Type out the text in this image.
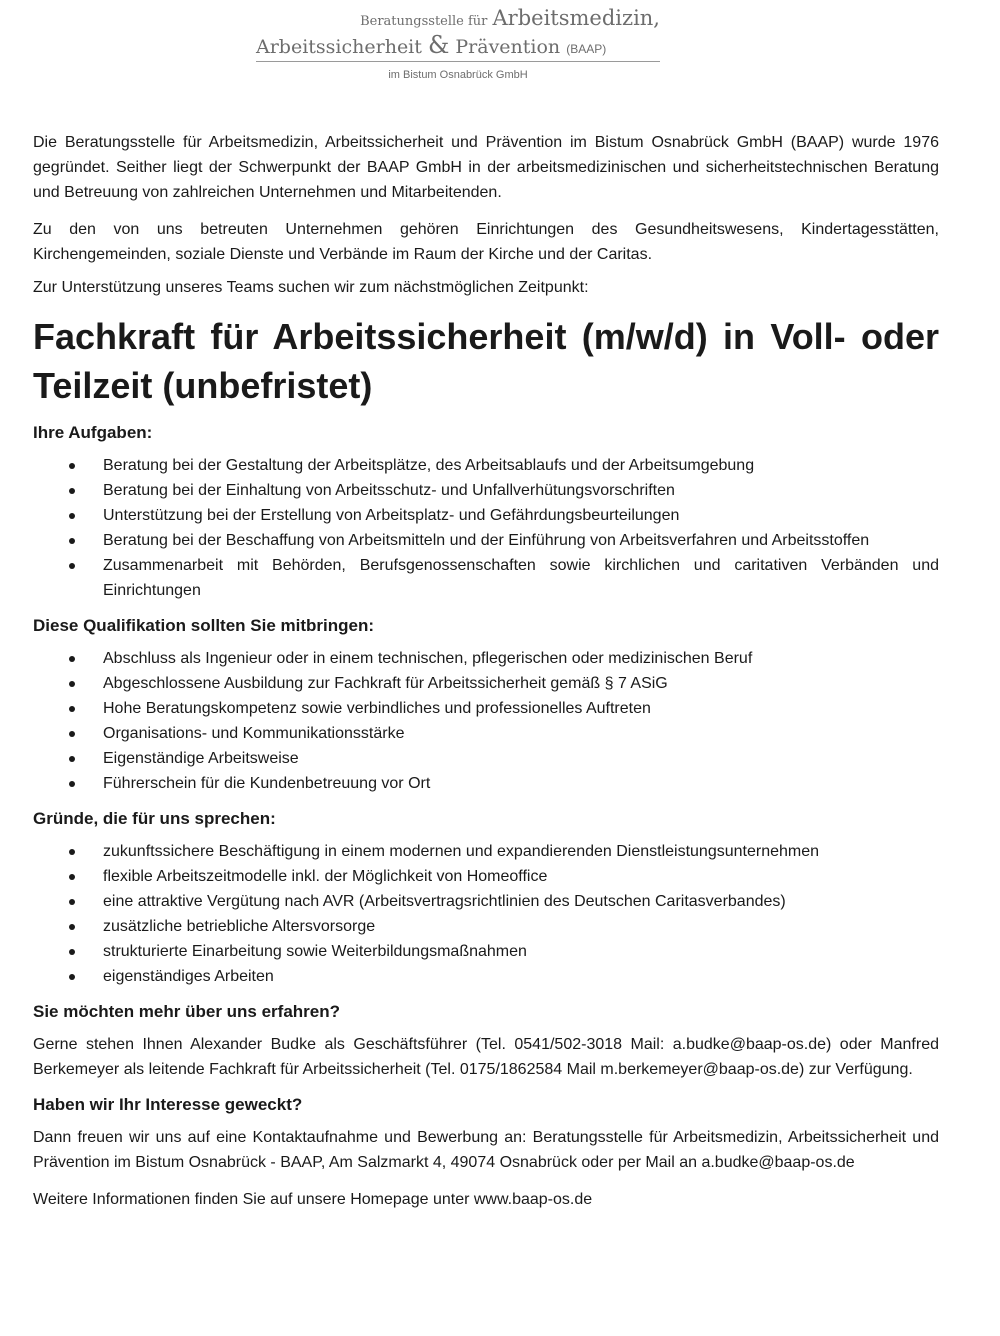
Beratungsstelle für Arbeitsmedizin,
Arbeitssicherheit & Prävention (BAAP)
im Bistum Osnabrück GmbH

Die Beratungsstelle für Arbeitsmedizin, Arbeitssicherheit und Prävention im Bistum Osnabrück GmbH (BAAP) wurde 1976 gegründet. Seither liegt der Schwerpunkt der BAAP GmbH in der arbeitsmedizinischen und sicherheitstechnischen Beratung und Betreuung von zahlreichen Unternehmen und Mitarbeitenden.

Zu den von uns betreuten Unternehmen gehören Einrichtungen des Gesundheitswesens, Kindertagesstätten, Kirchengemeinden, soziale Dienste und Verbände im Raum der Kirche und der Caritas.

Zur Unterstützung unseres Teams suchen wir zum nächstmöglichen Zeitpunkt:

Fachkraft für Arbeitssicherheit (m/w/d) in Voll- oder Teilzeit (unbefristet)
Ihre Aufgaben:
Beratung bei der Gestaltung der Arbeitsplätze, des Arbeitsablaufs und der Arbeitsumgebung
Beratung bei der Einhaltung von Arbeitsschutz- und Unfallverhütungsvorschriften
Unterstützung bei der Erstellung von Arbeitsplatz- und Gefährdungsbeurteilungen
Beratung bei der Beschaffung von Arbeitsmitteln und der Einführung von Arbeitsverfahren und Arbeitsstoffen
Zusammenarbeit mit Behörden, Berufsgenossenschaften sowie kirchlichen und caritativen Verbänden und Einrichtungen
Diese Qualifikation sollten Sie mitbringen:
Abschluss als Ingenieur oder in einem technischen, pflegerischen oder medizinischen Beruf
Abgeschlossene Ausbildung zur Fachkraft für Arbeitssicherheit gemäß § 7 ASiG
Hohe Beratungskompetenz sowie verbindliches und professionelles Auftreten
Organisations- und Kommunikationsstärke
Eigenständige Arbeitsweise
Führerschein für die Kundenbetreuung vor Ort
Gründe, die für uns sprechen:
zukunftssichere Beschäftigung in einem modernen und expandierenden Dienstleistungsunternehmen
flexible Arbeitszeitmodelle inkl. der Möglichkeit von Homeoffice
eine attraktive Vergütung nach AVR (Arbeitsvertragsrichtlinien des Deutschen Caritasverbandes)
zusätzliche betriebliche Altersvorsorge
strukturierte Einarbeitung sowie Weiterbildungsmaßnahmen
eigenständiges Arbeiten
Sie möchten mehr über uns erfahren?

Gerne stehen Ihnen Alexander Budke als Geschäftsführer (Tel. 0541/502-3018 Mail: a.budke@baap-os.de) oder Manfred Berkemeyer als leitende Fachkraft für Arbeitssicherheit (Tel. 0175/1862584 Mail m.berkemeyer@baap-os.de) zur Verfügung.

Haben wir Ihr Interesse geweckt?

Dann freuen wir uns auf eine Kontaktaufnahme und Bewerbung an: Beratungsstelle für Arbeitsmedizin, Arbeitssicherheit und Prävention im Bistum Osnabrück - BAAP, Am Salzmarkt 4, 49074 Osnabrück oder per Mail an a.budke@baap-os.de

Weitere Informationen finden Sie auf unsere Homepage unter www.baap-os.de
